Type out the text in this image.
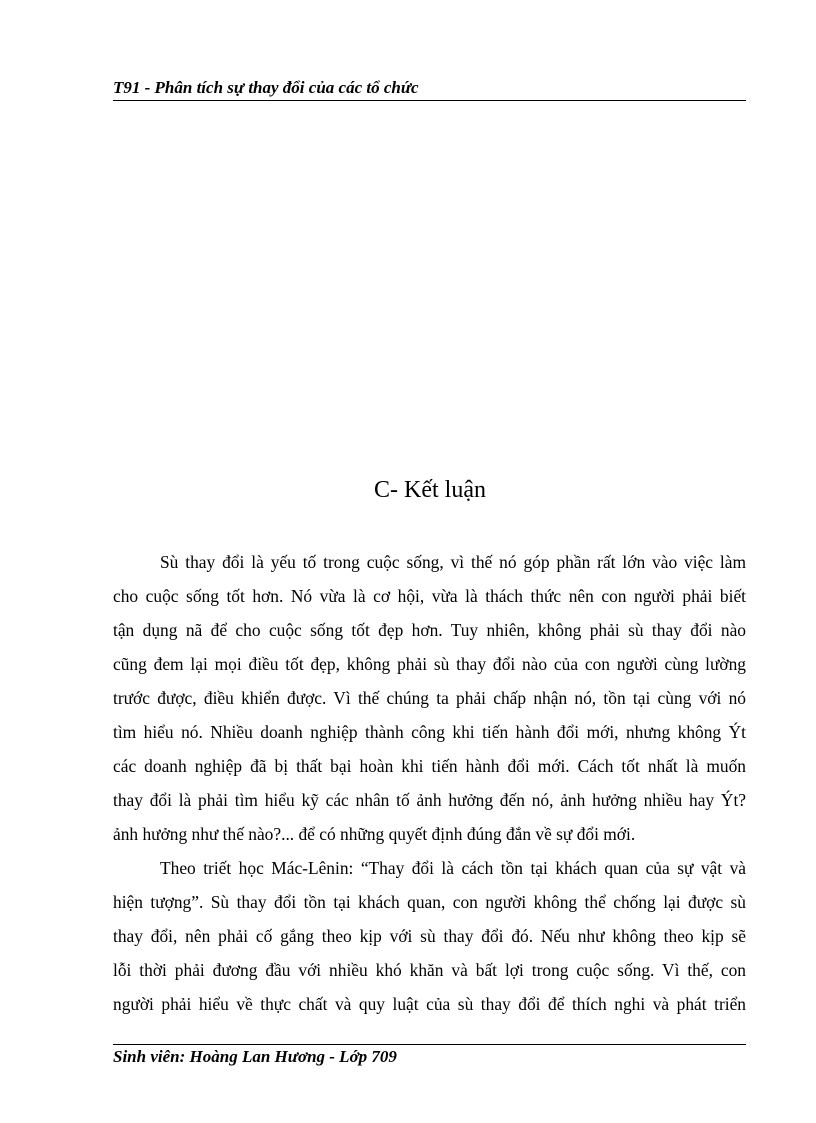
T91 - Phân tích sự thay đổi của các tổ chức
C- Kết luận
Sù thay đổi là yếu tố trong cuộc sống, vì thế nó góp phần rất lớn vào việc làm
cho cuộc sống tốt hơn. Nó vừa là cơ hội, vừa là thách thức nên con người phải biết
tận dụng nã để cho cuộc sống tốt đẹp hơn. Tuy nhiên, không phải sù thay đổi nào
cũng đem lại mọi điều tốt đẹp, không phải sù thay đổi nào của con người cùng lường
trước được, điều khiển được. Vì thế chúng ta phải chấp nhận nó, tồn tại cùng với nó
tìm hiểu nó. Nhiều doanh nghiệp thành công khi tiến hành đổi mới, nhưng không Ýt
các doanh nghiệp đã bị thất bại hoàn khi tiến hành đổi mới. Cách tốt nhất là muốn
thay đổi là phải tìm hiểu kỹ các nhân tố ảnh hưởng đến nó, ảnh hưởng nhiều hay Ýt?
ảnh hưởng như thế nào?... để có những quyết định đúng đắn về sự đổi mới.
Theo triết học Mác-Lênin: “Thay đổi là cách tồn tại khách quan của sự vật và
hiện tượng”. Sù thay đổi tồn tại khách quan, con người không thể chống lại được sù
thay đổi, nên phải cố gắng theo kịp với sù thay đổi đó. Nếu như không theo kịp sẽ
lỗi thời phải đương đầu với nhiều khó khăn và bất lợi trong cuộc sống. Vì thế, con
người phải hiểu về thực chất và quy luật của sù thay đổi để thích nghi và phát triển
Sinh viên: Hoàng Lan Hương - Lớp 709
